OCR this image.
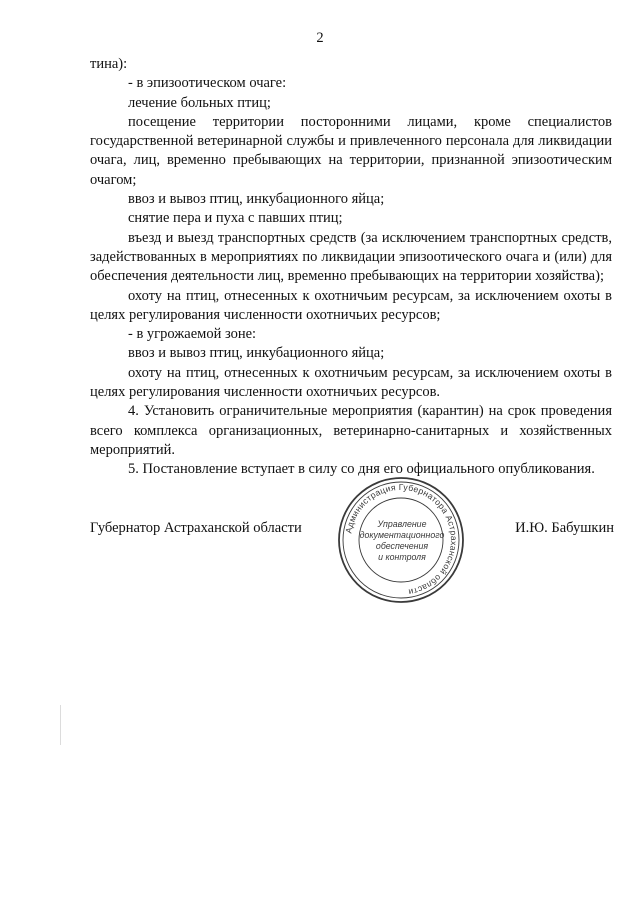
2

тина):

- в эпизоотическом очаге:

лечение больных птиц;

посещение территории посторонними лицами, кроме специалистов государственной ветеринарной службы и привлеченного персонала для ликвидации очага, лиц, временно пребывающих на территории, признанной эпизоотическим очагом;

ввоз и вывоз птиц, инкубационного яйца;

снятие пера и пуха с павших птиц;

въезд и выезд транспортных средств (за исключением транспортных средств, задействованных в мероприятиях по ликвидации эпизоотического очага и (или) для обеспечения деятельности лиц, временно пребывающих на территории хозяйства);

охоту на птиц, отнесенных к охотничьим ресурсам, за исключением охоты в целях регулирования численности охотничьих ресурсов;

- в угрожаемой зоне:

ввоз и вывоз птиц, инкубационного яйца;

охоту на птиц, отнесенных к охотничьим ресурсам, за исключением охоты в целях регулирования численности охотничьих ресурсов.

4. Установить ограничительные мероприятия (карантин) на срок проведения всего комплекса организационных, ветеринарно-санитарных и хозяйственных мероприятий.

5. Постановление вступает в силу со дня его официального опубликования.

Губернатор Астраханской области	И.Ю. Бабушкин
Администрация Губернатора Астраханской области
Управление
документационного
обеспечения
и контроля
